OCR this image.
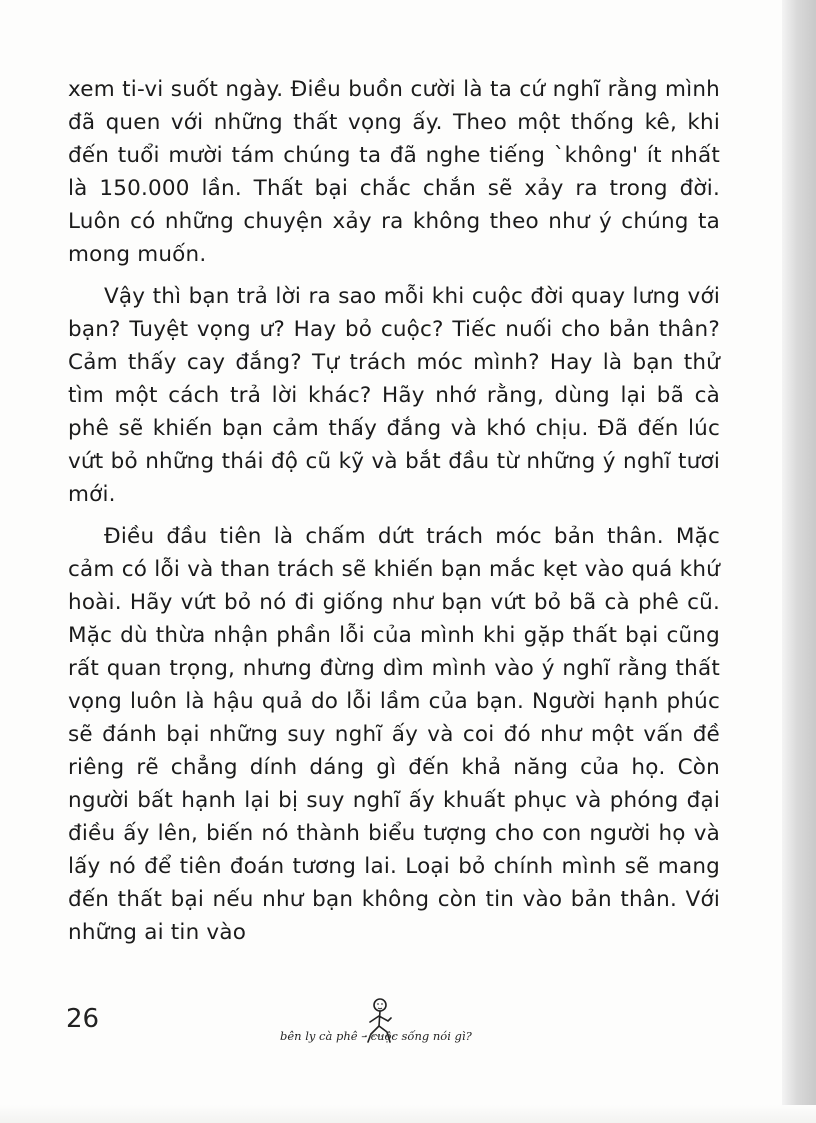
xem ti-vi suốt ngày. Điều buồn cười là ta cứ nghĩ rằng mình đã quen với những thất vọng ấy. Theo một thống kê, khi đến tuổi mười tám chúng ta đã nghe tiếng `không' ít nhất là 150.000 lần. Thất bại chắc chắn sẽ xảy ra trong đời. Luôn có những chuyện xảy ra không theo như ý chúng ta mong muốn.

Vậy thì bạn trả lời ra sao mỗi khi cuộc đời quay lưng với bạn? Tuyệt vọng ư? Hay bỏ cuộc? Tiếc nuối cho bản thân? Cảm thấy cay đắng? Tự trách móc mình? Hay là bạn thử tìm một cách trả lời khác? Hãy nhớ rằng, dùng lại bã cà phê sẽ khiến bạn cảm thấy đắng và khó chịu. Đã đến lúc vứt bỏ những thái độ cũ kỹ và bắt đầu từ những ý nghĩ tươi mới.

Điều đầu tiên là chấm dứt trách móc bản thân. Mặc cảm có lỗi và than trách sẽ khiến bạn mắc kẹt vào quá khứ hoài. Hãy vứt bỏ nó đi giống như bạn vứt bỏ bã cà phê cũ. Mặc dù thừa nhận phần lỗi của mình khi gặp thất bại cũng rất quan trọng, nhưng đừng dìm mình vào ý nghĩ rằng thất vọng luôn là hậu quả do lỗi lầm của bạn. Người hạnh phúc sẽ đánh bại những suy nghĩ ấy và coi đó như một vấn đề riêng rẽ chẳng dính dáng gì đến khả năng của họ. Còn người bất hạnh lại bị suy nghĩ ấy khuất phục và phóng đại điều ấy lên, biến nó thành biểu tượng cho con người họ và lấy nó để tiên đoán tương lai. Loại bỏ chính mình sẽ mang đến thất bại nếu như bạn không còn tin vào bản thân. Với những ai tin vào

26
bên ly cà phê – cuộc sống nói gì?
